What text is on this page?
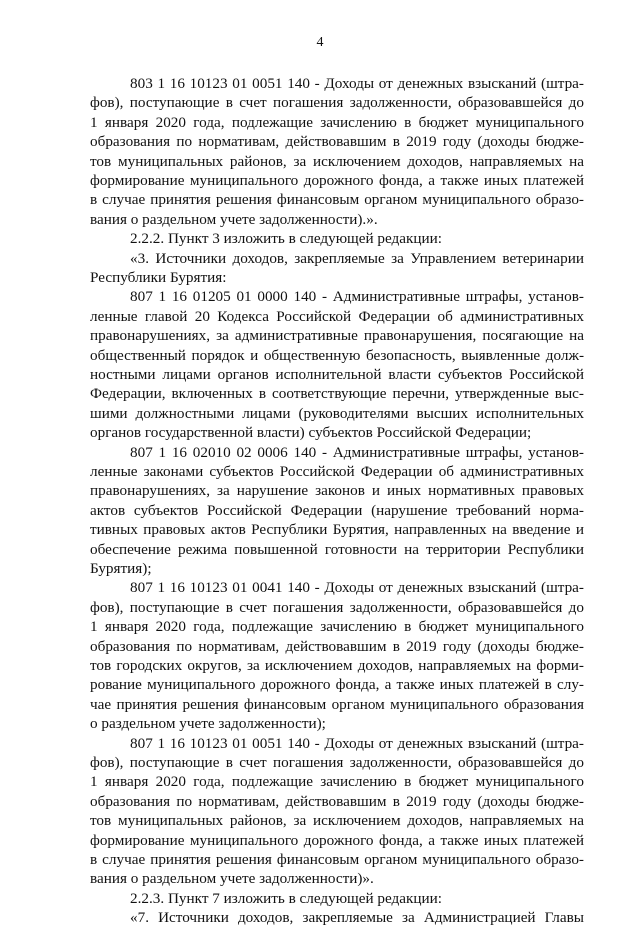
4
803 1 16 10123 01 0051 140 - Доходы от денежных взысканий (штра-
фов), поступающие в счет погашения задолженности, образовавшейся до
1 января 2020 года, подлежащие зачислению в бюджет муниципального
образования по нормативам, действовавшим в 2019 году (доходы бюдже-
тов муниципальных районов, за исключением доходов, направляемых на
формирование муниципального дорожного фонда, а также иных платежей
в случае принятия решения финансовым органом муниципального образо-
вания о раздельном учете задолженности).».
2.2.2. Пункт 3 изложить в следующей редакции:
«3. Источники доходов, закрепляемые за Управлением ветеринарии
Республики Бурятия:
807 1 16 01205 01 0000 140 - Административные штрафы, установ-
ленные главой 20 Кодекса Российской Федерации об административных
правонарушениях, за административные правонарушения, посягающие на
общественный порядок и общественную безопасность, выявленные долж-
ностными лицами органов исполнительной власти субъектов Российской
Федерации, включенных в соответствующие перечни, утвержденные выс-
шими должностными лицами (руководителями высших исполнительных
органов государственной власти) субъектов Российской Федерации;
807 1 16 02010 02 0006 140 - Административные штрафы, установ-
ленные законами субъектов Российской Федерации об административных
правонарушениях, за нарушение законов и иных нормативных правовых
актов субъектов Российской Федерации (нарушение требований норма-
тивных правовых актов Республики Бурятия, направленных на введение и
обеспечение режима повышенной готовности на территории Республики
Бурятия);
807 1 16 10123 01 0041 140 - Доходы от денежных взысканий (штра-
фов), поступающие в счет погашения задолженности, образовавшейся до
1 января 2020 года, подлежащие зачислению в бюджет муниципального
образования по нормативам, действовавшим в 2019 году (доходы бюдже-
тов городских округов, за исключением доходов, направляемых на форми-
рование муниципального дорожного фонда, а также иных платежей в слу-
чае принятия решения финансовым органом муниципального образования
о раздельном учете задолженности);
807 1 16 10123 01 0051 140 - Доходы от денежных взысканий (штра-
фов), поступающие в счет погашения задолженности, образовавшейся до
1 января 2020 года, подлежащие зачислению в бюджет муниципального
образования по нормативам, действовавшим в 2019 году (доходы бюдже-
тов муниципальных районов, за исключением доходов, направляемых на
формирование муниципального дорожного фонда, а также иных платежей
в случае принятия решения финансовым органом муниципального образо-
вания о раздельном учете задолженности)».
2.2.3. Пункт 7 изложить в следующей редакции:
«7. Источники доходов, закрепляемые за Администрацией Главы
